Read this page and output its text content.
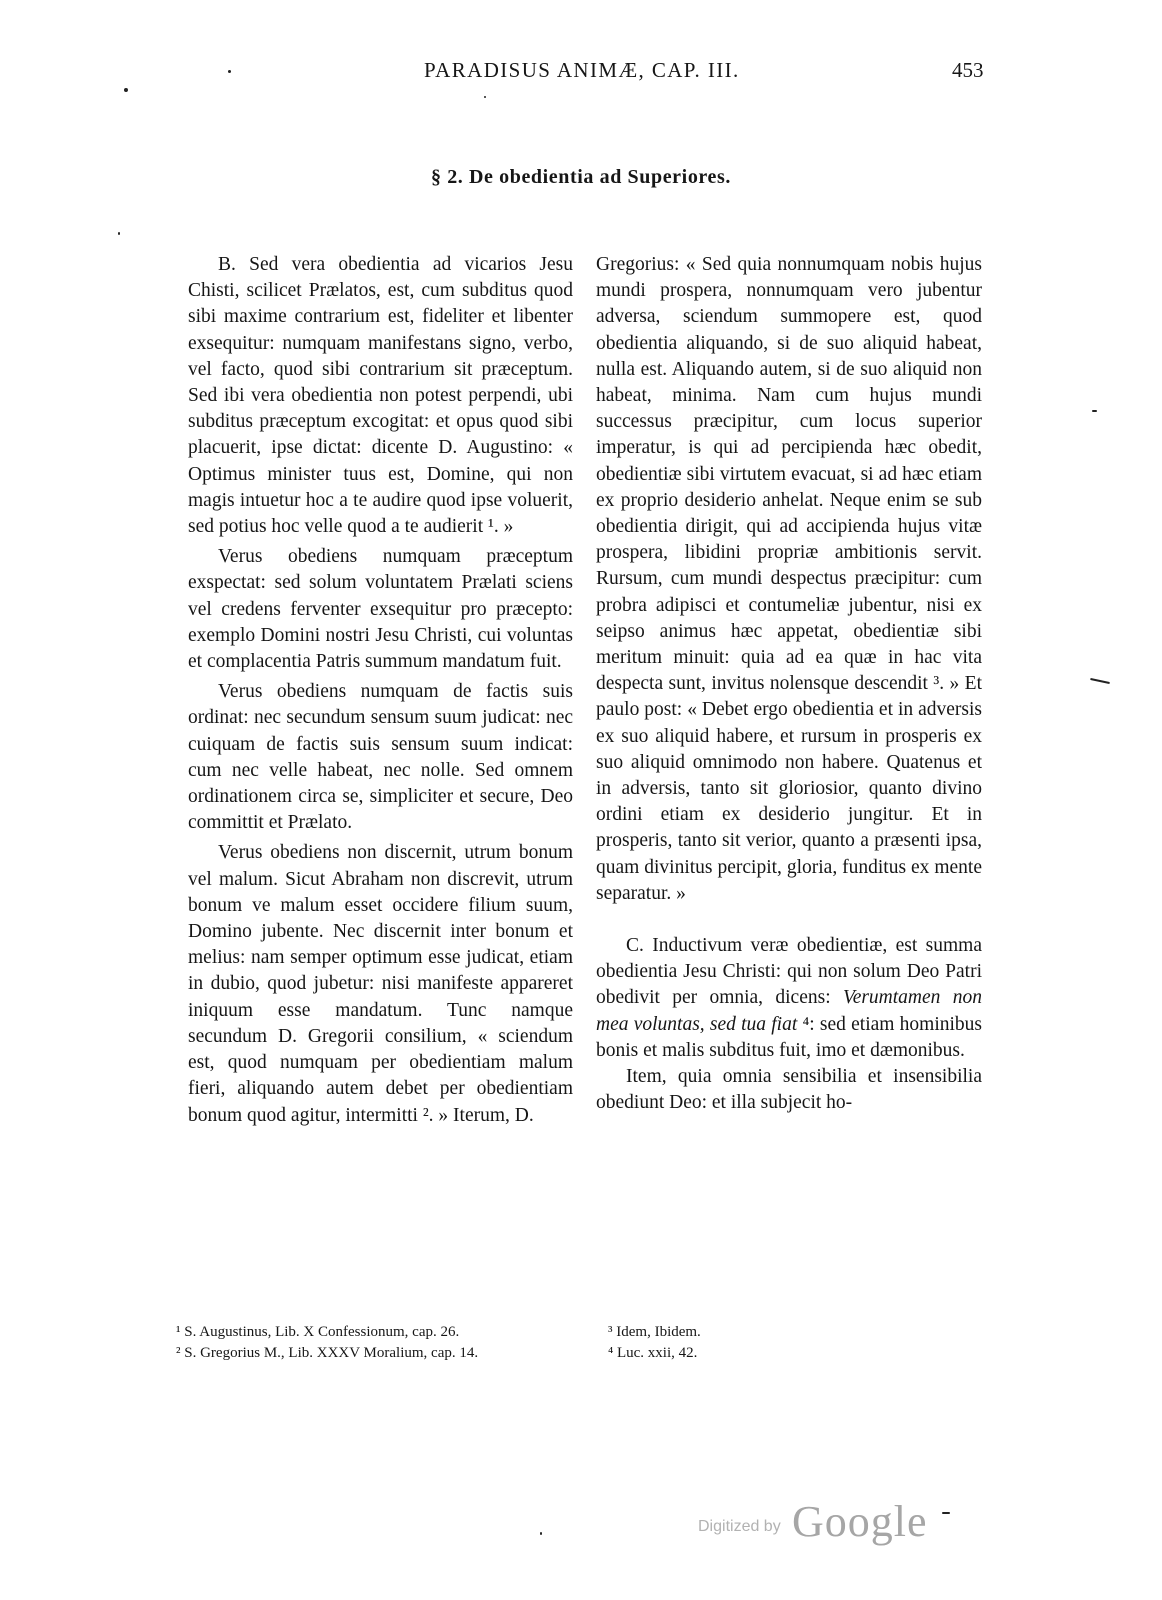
PARADISUS ANIMÆ, CAP. III.	453
§ 2. De obedientia ad Superiores.

B. Sed vera obedientia ad vicarios Jesu Chisti, scilicet Prælatos, est, cum subditus quod sibi maxime contrarium est, fideliter et libenter exsequitur: numquam manifestans signo, verbo, vel facto, quod sibi contrarium sit præceptum. Sed ibi vera obedientia non potest perpendi, ubi subditus præceptum excogitat: et opus quod sibi placuerit, ipse dictat: dicente D. Augustino: « Optimus minister tuus est, Domine, qui non magis intuetur hoc a te audire quod ipse voluerit, sed potius hoc velle quod a te audierit ¹. »

Verus obediens numquam præceptum exspectat: sed solum voluntatem Prælati sciens vel credens ferventer exsequitur pro præcepto: exemplo Domini nostri Jesu Christi, cui voluntas et complacentia Patris summum mandatum fuit.

Verus obediens numquam de factis suis ordinat: nec secundum sensum suum judicat: nec cuiquam de factis suis sensum suum indicat: cum nec velle habeat, nec nolle. Sed omnem ordinationem circa se, simpliciter et secure, Deo committit et Prælato.

Verus obediens non discernit, utrum bonum vel malum. Sicut Abraham non discrevit, utrum bonum ve malum esset occidere filium suum, Domino jubente. Nec discernit inter bonum et melius: nam semper optimum esse judicat, etiam in dubio, quod jubetur: nisi manifeste appareret iniquum esse mandatum. Tunc namque secundum D. Gregorii consilium, « sciendum est, quod numquam per obedientiam malum fieri, aliquando autem debet per obedientiam bonum quod agitur, intermitti ². » Iterum, D.

Gregorius: « Sed quia nonnumquam nobis hujus mundi prospera, nonnumquam vero jubentur adversa, sciendum summopere est, quod obedientia aliquando, si de suo aliquid habeat, nulla est. Aliquando autem, si de suo aliquid non habeat, minima. Nam cum hujus mundi successus præcipitur, cum locus superior imperatur, is qui ad percipienda hæc obedit, obedientiæ sibi virtutem evacuat, si ad hæc etiam ex proprio desiderio anhelat. Neque enim se sub obedientia dirigit, qui ad accipienda hujus vitæ prospera, libidini propriæ ambitionis servit. Rursum, cum mundi despectus præcipitur: cum probra adipisci et contumeliæ jubentur, nisi ex seipso animus hæc appetat, obedientiæ sibi meritum minuit: quia ad ea quæ in hac vita despecta sunt, invitus nolensque descendit ³. » Et paulo post: « Debet ergo obedientia et in adversis ex suo aliquid habere, et rursum in prosperis ex suo aliquid omnimodo non habere. Quatenus et in adversis, tanto sit gloriosior, quanto divino ordini etiam ex desiderio jungitur. Et in prosperis, tanto sit verior, quanto a præsenti ipsa, quam divinitus percipit, gloria, funditus ex mente separatur. »

C. Inductivum veræ obedientiæ, est summa obedientia Jesu Christi: qui non solum Deo Patri obedivit per omnia, dicens: Verumtamen non mea voluntas, sed tua fiat ⁴: sed etiam hominibus bonis et malis subditus fuit, imo et dæmonibus.

Item, quia omnia sensibilia et insensibilia obediunt Deo: et illa subjecit ho-

¹ S. Augustinus, Lib. X Confessionum, cap. 26.
² S. Gregorius M., Lib. XXXV Moralium, cap. 14.
³ Idem, Ibidem.
⁴ Luc. xxii, 42.
Digitized by Google
